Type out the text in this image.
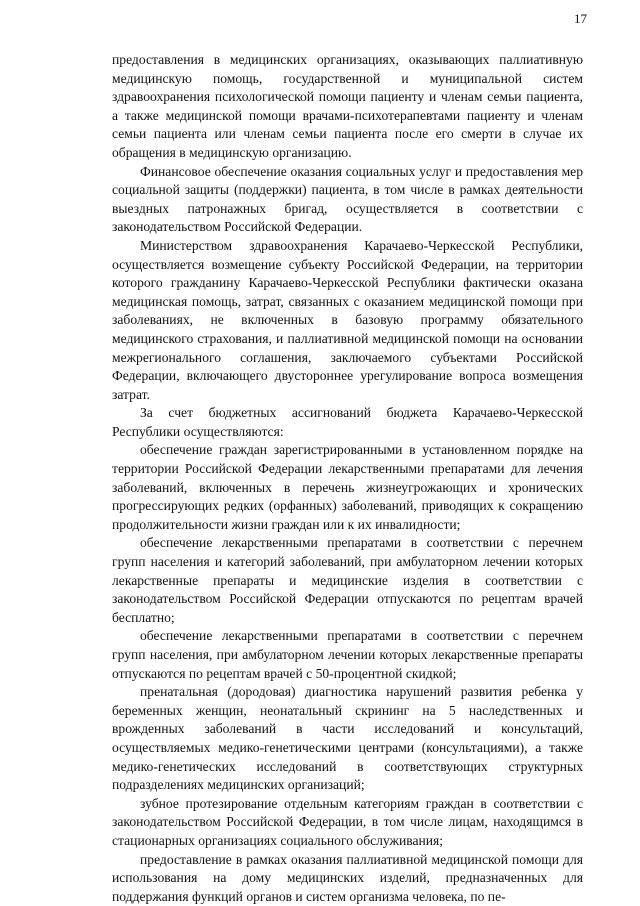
17

предоставления в медицинских организациях, оказывающих паллиативную медицинскую помощь, государственной и муниципальной систем здравоохранения психологической помощи пациенту и членам семьи пациента, а также медицинской помощи врачами-психотерапевтами пациенту и членам семьи пациента или членам семьи пациента после его смерти в случае их обращения в медицинскую организацию.

Финансовое обеспечение оказания социальных услуг и предоставления мер социальной защиты (поддержки) пациента, в том числе в рамках деятельности выездных патронажных бригад, осуществляется в соответствии с законодательством Российской Федерации.

Министерством здравоохранения Карачаево-Черкесской Республики, осуществляется возмещение субъекту Российской Федерации, на территории которого гражданину Карачаево-Черкесской Республики фактически оказана медицинская помощь, затрат, связанных с оказанием медицинской помощи при заболеваниях, не включенных в базовую программу обязательного медицинского страхования, и паллиативной медицинской помощи на основании межрегионального соглашения, заключаемого субъектами Российской Федерации, включающего двустороннее урегулирование вопроса возмещения затрат.

За счет бюджетных ассигнований бюджета Карачаево-Черкесской Республики осуществляются:

обеспечение граждан зарегистрированными в установленном порядке на территории Российской Федерации лекарственными препаратами для лечения заболеваний, включенных в перечень жизнеугрожающих и хронических прогрессирующих редких (орфанных) заболеваний, приводящих к сокращению продолжительности жизни граждан или к их инвалидности;

обеспечение лекарственными препаратами в соответствии с перечнем групп населения и категорий заболеваний, при амбулаторном лечении которых лекарственные препараты и медицинские изделия в соответствии с законодательством Российской Федерации отпускаются по рецептам врачей бесплатно;

обеспечение лекарственными препаратами в соответствии с перечнем групп населения, при амбулаторном лечении которых лекарственные препараты отпускаются по рецептам врачей с 50-процентной скидкой;

пренатальная (дородовая) диагностика нарушений развития ребенка у беременных женщин, неонатальный скрининг на 5 наследственных и врожденных заболеваний в части исследований и консультаций, осуществляемых медико-генетическими центрами (консультациями), а также медико-генетических исследований в соответствующих структурных подразделениях медицинских организаций;

зубное протезирование отдельным категориям граждан в соответствии с законодательством Российской Федерации, в том числе лицам, находящимся в стационарных организациях социального обслуживания;

предоставление в рамках оказания паллиативной медицинской помощи для использования на дому медицинских изделий, предназначенных для поддержания функций органов и систем организма человека, по пе-
